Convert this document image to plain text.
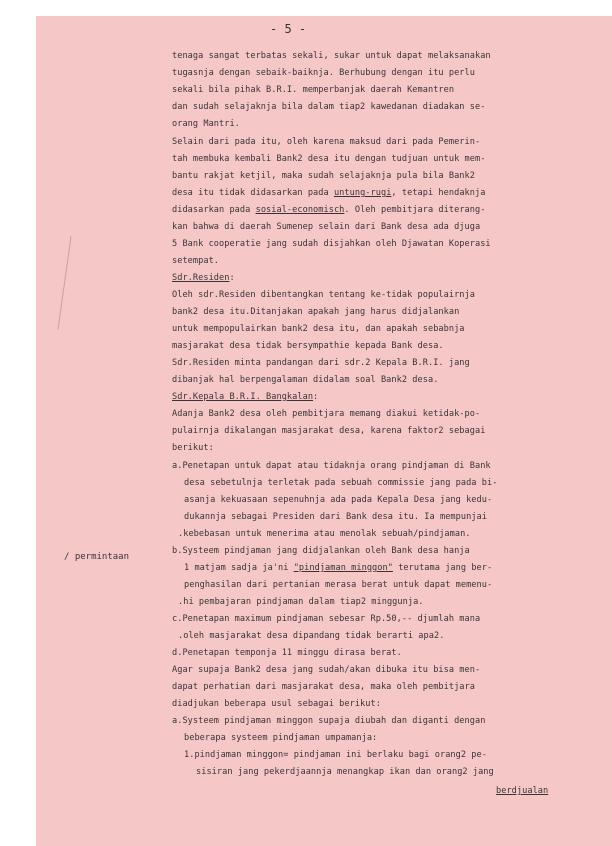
- 5 -
/ permintaan
tenaga sangat terbatas sekali, sukar untuk dapat melaksanakan
tugasnja dengan sebaik-baiknja. Berhubung dengan itu perlu
sekali bila pihak B.R.I. memperbanjak daerah Kemantren
dan sudah selajaknja bila dalam tiap2 kawedanan diadakan se-
orang Mantri.
Selain dari pada itu, oleh karena maksud dari pada Pemerin-
tah membuka kembali Bank2 desa itu dengan tudjuan untuk mem-
bantu rakjat ketjil, maka sudah selajaknja pula bila Bank2
desa itu tidak didasarkan pada untung-rugi, tetapi hendaknja
didasarkan pada sosial-economisch. Oleh pembitjara diterang-
kan bahwa di daerah Sumenep selain dari Bank desa ada djuga
5 Bank cooperatie jang sudah disjahkan oleh Djawatan Koperasi
setempat.
Sdr.Residen:
Oleh sdr.Residen dibentangkan tentang ke-tidak populairnja
bank2 desa itu.Ditanjakan apakah jang harus didjalankan
untuk mempopulairkan bank2 desa itu, dan apakah sebabnja
masjarakat desa tidak bersympathie kepada Bank desa.
Sdr.Residen minta pandangan dari sdr.2 Kepala B.R.I. jang
dibanjak hal berpengalaman didalam soal Bank2 desa.
Sdr.Kepala B.R.I. Bangkalan:
Adanja Bank2 desa oleh pembitjara memang diakui ketidak-po-
pulairnja dikalangan masjarakat desa, karena faktor2 sebagai
berikut:
a.Penetapan untuk dapat atau tidaknja orang pindjaman di Bank
desa sebetulnja terletak pada sebuah commissie jang pada bi-
asanja kekuasaan sepenuhnja ada pada Kepala Desa jang kedu-
dukannja sebagai Presiden dari Bank desa itu. Ia mempunjai
.kebebasan untuk menerima atau menolak sebuah/pindjaman.
b.Systeem pindjaman jang didjalankan oleh Bank desa hanja
1 matjam sadja ja'ni "pindjaman minggon" terutama jang ber-
penghasilan dari pertanian merasa berat untuk dapat memenu-
.hi pembajaran pindjaman dalam tiap2 minggunja.
c.Penetapan maximum pindjaman sebesar Rp.50,-- djumlah mana
.oleh masjarakat desa dipandang tidak berarti apa2.
d.Penetapan temponja 11 minggu dirasa berat.
Agar supaja Bank2 desa jang sudah/akan dibuka itu bisa men-
dapat perhatian dari masjarakat desa, maka oleh pembitjara
diadjukan beberapa usul sebagai berikut:
a.Systeem pindjaman minggon supaja diubah dan diganti dengan
beberapa systeem pindjaman umpamanja:
1.pindjaman minggon= pindjaman ini berlaku bagi orang2 pe-
sisiran jang pekerdjaannja menangkap ikan dan orang2 jang
berdjualan
